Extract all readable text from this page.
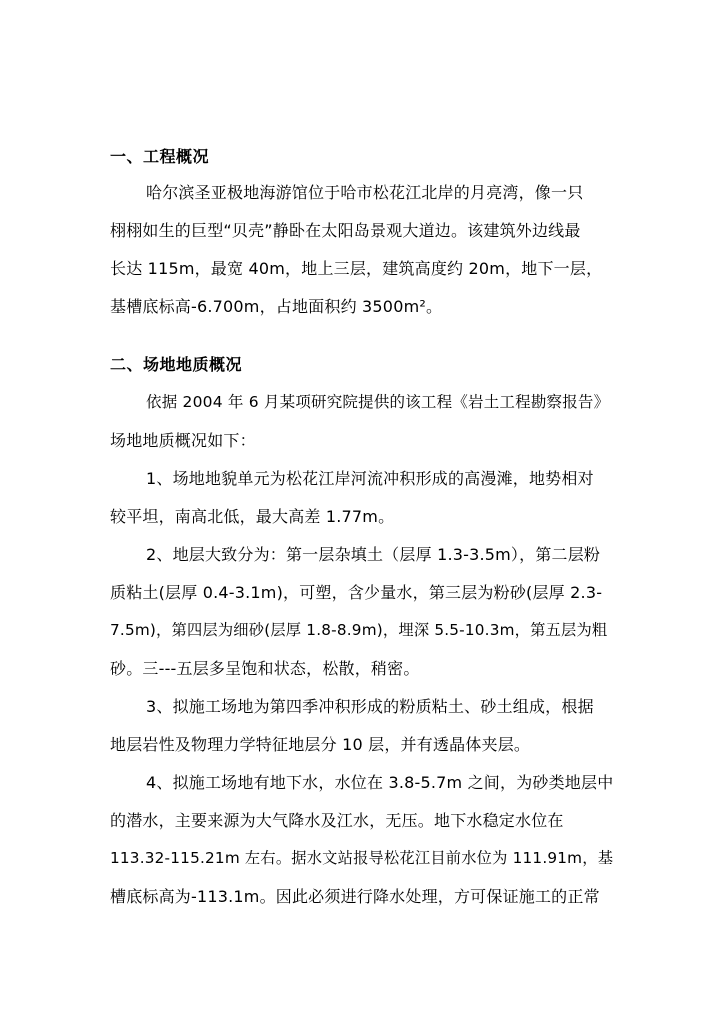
一、工程概况
哈尔滨圣亚极地海游馆位于哈市松花江北岸的月亮湾，像一只
栩栩如生的巨型“贝壳”静卧在太阳岛景观大道边。该建筑外边线最
长达 115m，最宽 40m，地上三层，建筑高度约 20m，地下一层，
基槽底标高-6.700m，占地面积约 3500m²。
二、场地地质概况
依据 2004 年 6 月某项研究院提供的该工程《岩土工程勘察报告》
场地地质概况如下：
1、场地地貌单元为松花江岸河流冲积形成的高漫滩，地势相对
较平坦，南高北低，最大高差 1.77m。
2、地层大致分为：第一层杂填土（层厚 1.3-3.5m），第二层粉
质粘土(层厚 0.4-3.1m)，可塑，含少量水，第三层为粉砂(层厚 2.3-
7.5m)，第四层为细砂(层厚 1.8-8.9m)，埋深 5.5-10.3m，第五层为粗
砂。三---五层多呈饱和状态，松散，稍密。
3、拟施工场地为第四季冲积形成的粉质粘土、砂土组成，根据
地层岩性及物理力学特征地层分 10 层，并有透晶体夹层。
4、拟施工场地有地下水，水位在 3.8-5.7m 之间，为砂类地层中
的潜水，主要来源为大气降水及江水，无压。地下水稳定水位在
113.32-115.21m 左右。据水文站报导松花江目前水位为 111.91m，基
槽底标高为-113.1m。因此必须进行降水处理，方可保证施工的正常
